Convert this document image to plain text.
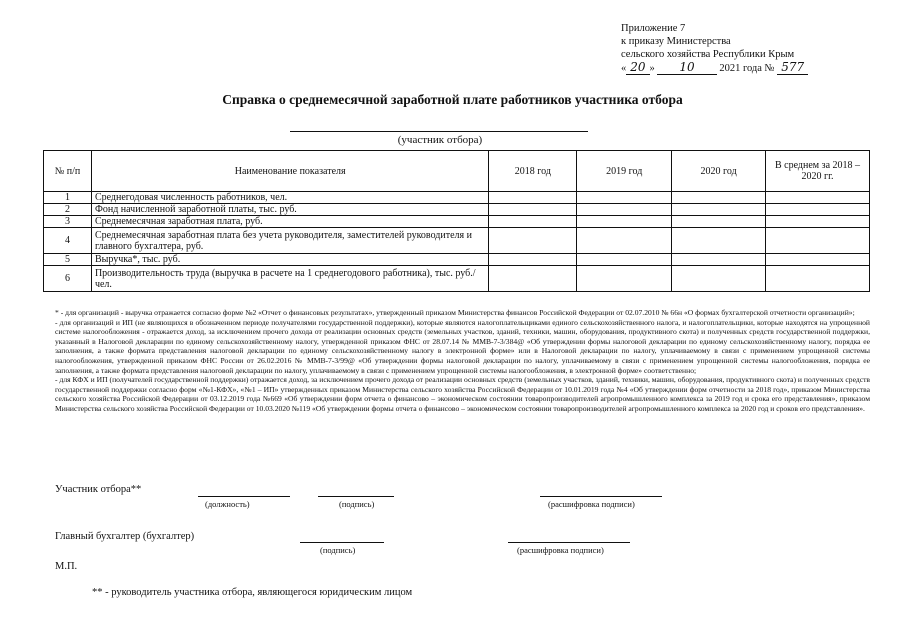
Приложение 7
к приказу Министерства
сельского хозяйства Республики Крым
« 20 » 10 2021 года № 577
Справка о среднемесячной заработной плате работников участника отбора
(участник отбора)
№ п/п	Наименование показателя	2018 год	2019 год	2020 год	В среднем за 2018 – 2020 гг.
1	Среднегодовая численность работников, чел.				
2	Фонд начисленной заработной платы, тыс. руб.				
3	Среднемесячная заработная плата, руб.				
4	Среднемесячная заработная плата без учета руководителя, заместителей руководителя и главного бухгалтера, руб.				
5	Выручка*, тыс. руб.				
6	Производительность труда (выручка в расчете на 1 среднегодового работника), тыс. руб./чел.				

* - для организаций - выручка отражается согласно форме №2 «Отчет о финансовых результатах», утвержденный приказом Министерства финансов Российской Федерации от 02.07.2010 № 66н «О формах бухгалтерской отчетности организаций»;

- для организаций и ИП (не являющихся в обозначенном периоде получателями государственной поддержки), которые являются налогоплательщиками единого сельскохозяйственного налога, и налогоплательщики, которые находятся на упрощенной системе налогообложения - отражается доход, за исключением прочего дохода от реализации основных средств (земельных участков, зданий, техники, машин, оборудования, продуктивного скота) и полученных средств государственной поддержки, указанный в Налоговой декларации по единому сельскохозяйственному налогу, утвержденной приказом ФНС от 28.07.14 № ММВ-7-3/384@ «Об утверждении формы налоговой декларации по единому сельскохозяйственному налогу, порядка ее заполнения, а также формата представления налоговой декларации по единому сельскохозяйственному налогу в электронной форме» или в Налоговой декларации по налогу, уплачиваемому в связи с применением упрощенной системы налогообложения, утвержденной приказом ФНС России от 26.02.2016 № ММВ-7-3/99@ «Об утверждении формы налоговой декларации по налогу, уплачиваемому в связи с применением упрощенной системы налогообложения, порядка ее заполнения, а также формата представления налоговой декларации по налогу, уплачиваемому в связи с применением упрощенной системы налогообложения, в электронной форме» соответственно;

- для КФХ и ИП (получателей государственной поддержки) отражается доход, за исключением прочего дохода от реализации основных средств (земельных участков, зданий, техники, машин, оборудования, продуктивного скота) и полученных средств государственной поддержки согласно форм «№1-КФХ», «№1 – ИП» утвержденных приказом Министерства сельского хозяйства Российской Федерации от 10.01.2019 года №4 «Об утверждении форм отчетности за 2018 год», приказом Министерства сельского хозяйства Российской Федерации от 03.12.2019 года №669 «Об утверждении форм отчета о финансово – экономическом состоянии товаропроизводителей агропромышленного комплекса за 2019 год и срока его представления», приказом Министерства сельского хозяйства Российской Федерации от 10.03.2020 №119 «Об утверждении формы отчета о финансово – экономическом состоянии товаропроизводителей агропромышленного комплекса за 2020 год и сроков его представления».

Участник отбора**
(должность)	(подпись)	(расшифровка подписи)
Главный бухгалтер (бухгалтер)
(подпись)	(расшифровка подписи)
М.П.
** - руководитель участника отбора, являющегося юридическим лицом
